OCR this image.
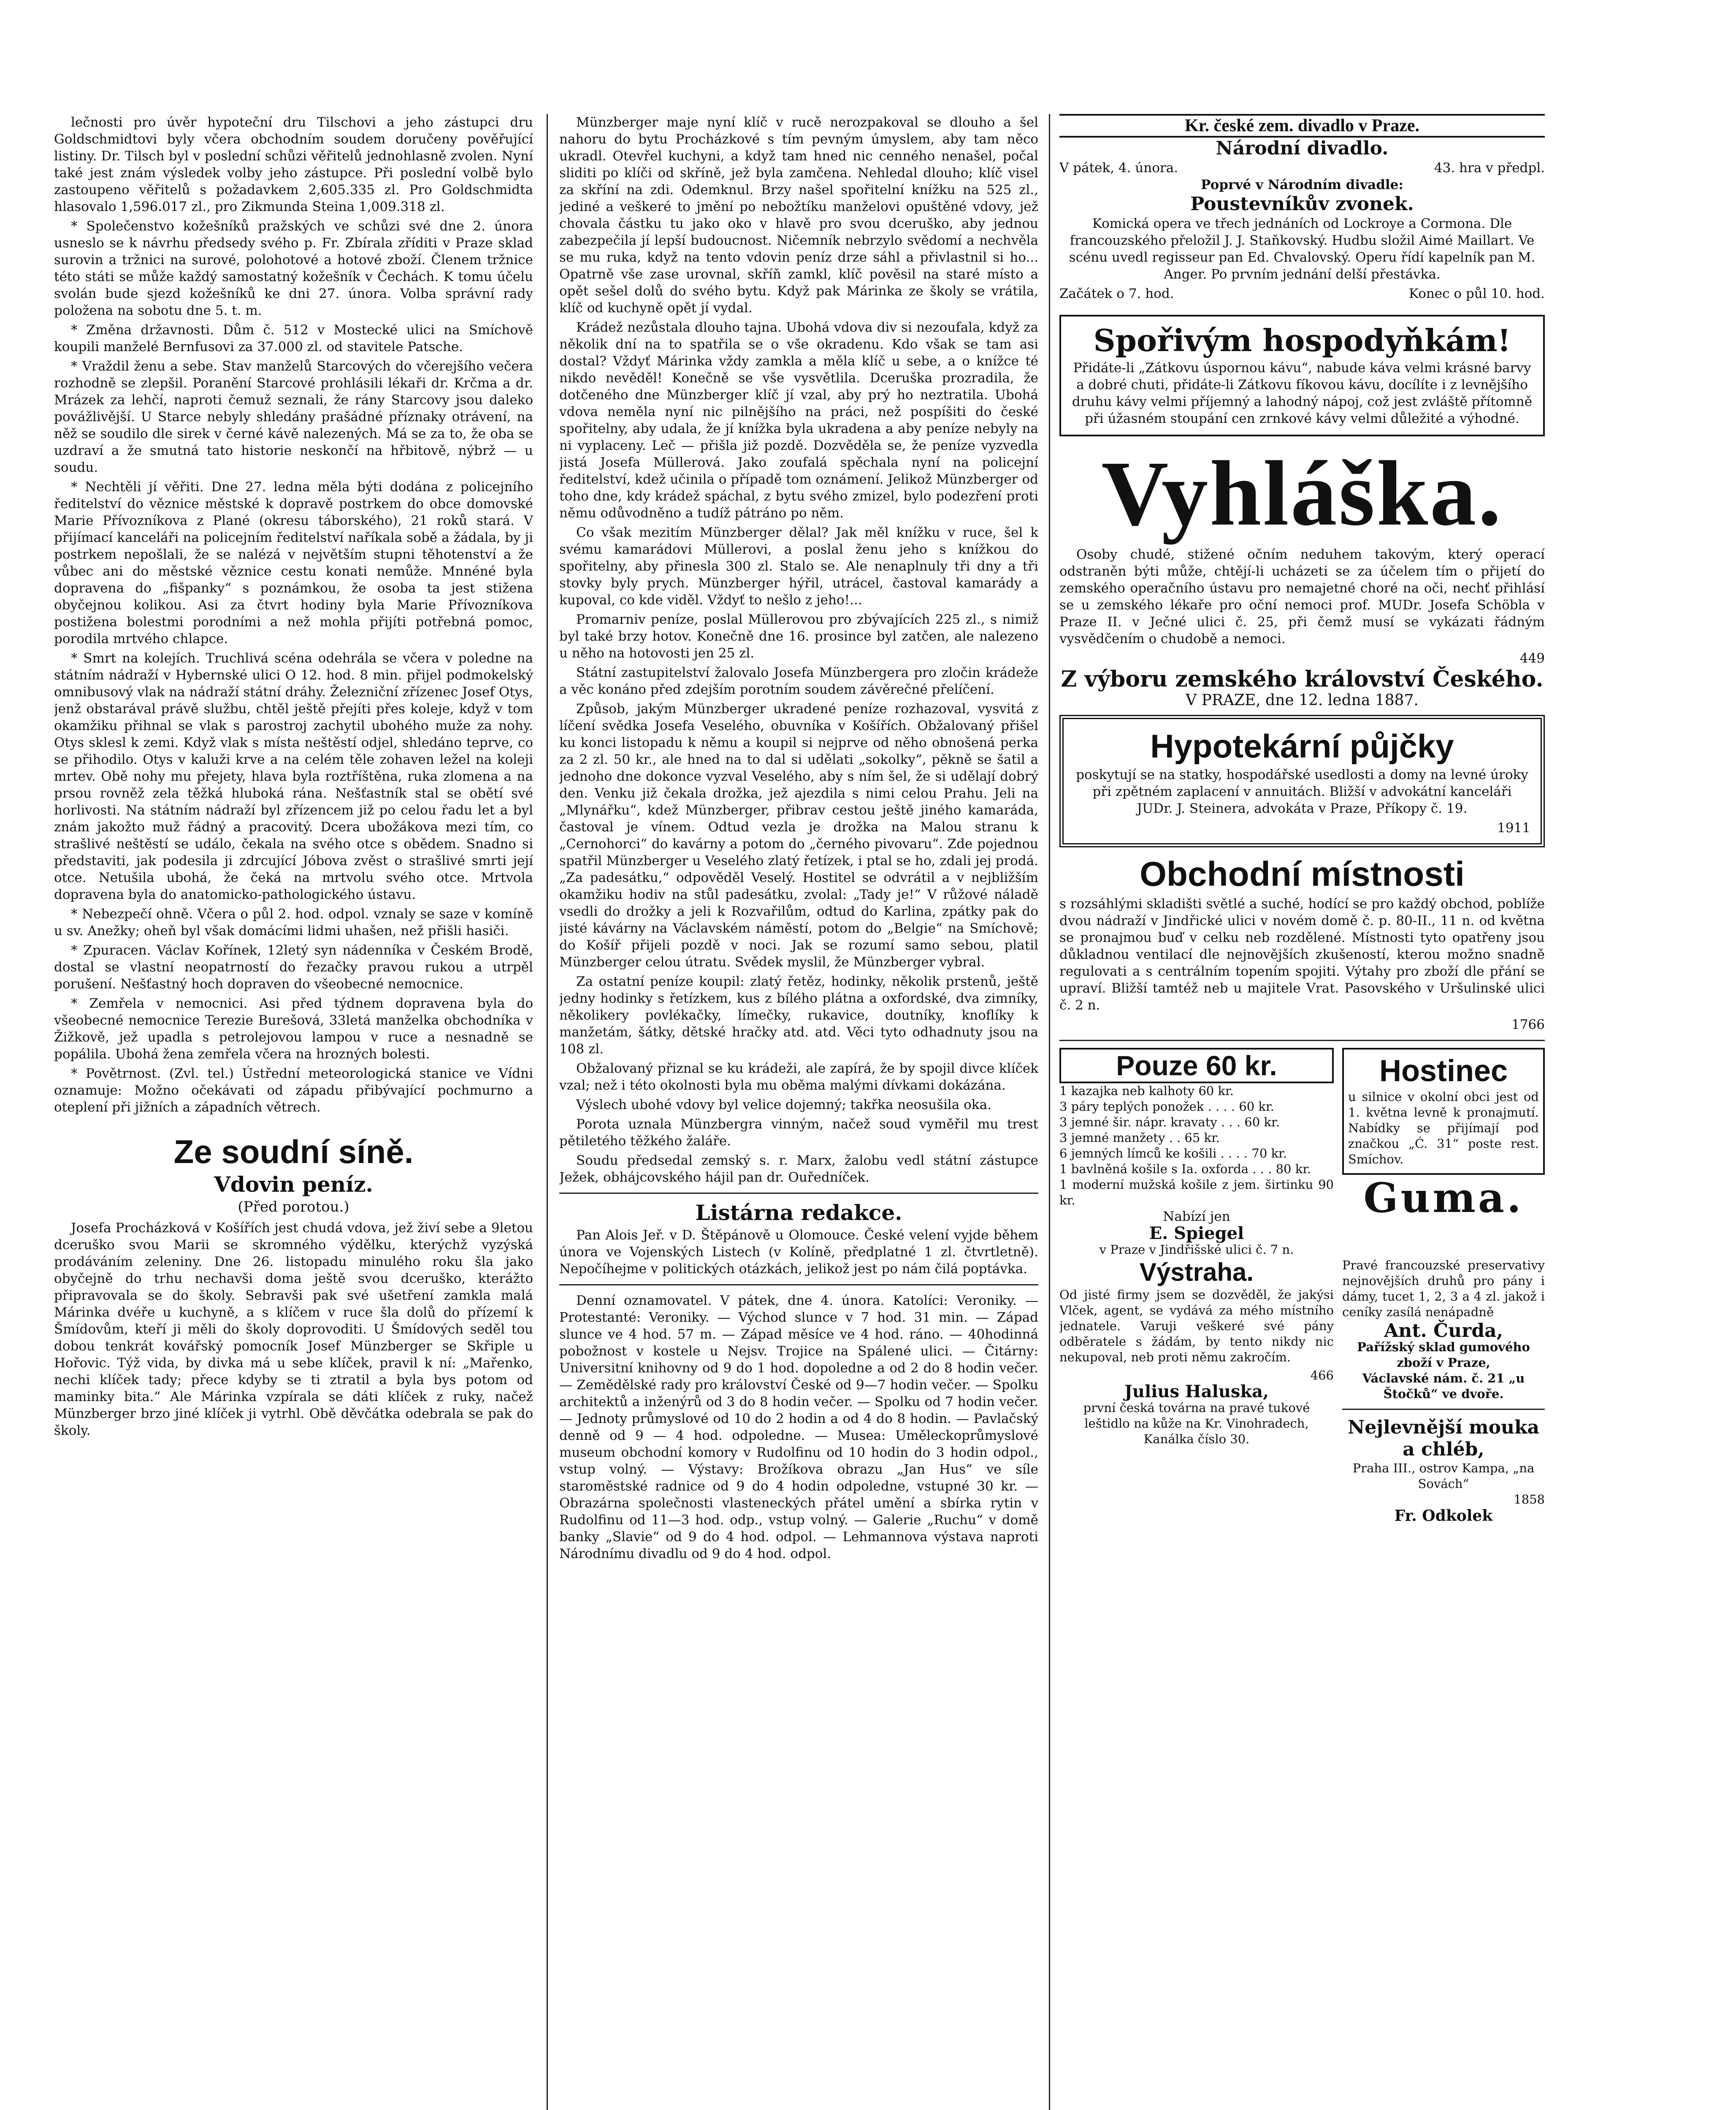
lečnosti pro úvěr hypoteční dru Tilschovi a jeho zástupci dru Goldschmidtovi byly včera obchodním soudem doručeny pověřující listiny. Dr. Tilsch byl v poslední schůzi věřitelů jednohlasně zvolen. Nyní také jest znám výsledek volby jeho zástupce. Při poslední volbě bylo zastoupeno věřitelů s požadavkem 2,605.335 zl. Pro Goldschmidta hlasovalo 1,596.017 zl., pro Zikmunda Steina 1,009.318 zl.

* Společenstvo kožešníků pražských ve schůzi své dne 2. února usneslo se k návrhu předsedy svého p. Fr. Zbírala zříditi v Praze sklad surovin a tržnici na surové, polohotové a hotové zboží. Členem tržnice této státi se může každý samostatný kožešník v Čechách. K tomu účelu svolán bude sjezd kožešníků ke dni 27. února. Volba správní rady položena na sobotu dne 5. t. m.

* Změna državnosti. Dům č. 512 v Mostecké ulici na Smíchově koupili manželé Bernfusovi za 37.000 zl. od stavitele Patsche.

* Vraždil ženu a sebe. Stav manželů Starcových do včerejšího večera rozhodně se zlepšil. Poranění Starcové prohlásili lékaři dr. Krčma a dr. Mrázek za lehčí, naproti čemuž seznali, že rány Starcovy jsou daleko povážlivější. U Starce nebyly shledány prašádné příznaky otrávení, na něž se soudilo dle sirek v černé kávě nalezených. Má se za to, že oba se uzdraví a že smutná tato historie neskončí na hřbitově, nýbrž — u soudu.

* Nechtěli jí věřiti. Dne 27. ledna měla býti dodána z policejního ředitelství do věznice městské k dopravě postrkem do obce domovské Marie Přívozníkova z Plané (okresu táborského), 21 roků stará. V přijímací kanceláři na policejním ředitelství naříkala sobě a žádala, by ji postrkem nepošlali, že se nalézá v největším stupni těhotenství a že vůbec ani do městské věznice cestu konati nemůže. Mnnéné byla dopravena do „fišpanky“ s poznámkou, že osoba ta jest stižena obyčejnou kolikou. Asi za čtvrt hodiny byla Marie Přívozníkova postižena bolestmi porodními a než mohla přijíti potřebná pomoc, porodila mrtvého chlapce.

* Smrt na kolejích. Truchlivá scéna odehrála se včera v poledne na státním nádraží v Hybernské ulici O 12. hod. 8 min. přijel podmokelský omnibusový vlak na nádraží státní dráhy. Železniční zřízenec Josef Otys, jenž obstarával právě službu, chtěl ještě přejíti přes koleje, když v tom okamžiku přihnal se vlak s parostroj zachytil ubohého muže za nohy. Otys sklesl k zemi. Když vlak s místa neštěstí odjel, shledáno teprve, co se přihodilo. Otys v kaluži krve a na celém těle zohaven ležel na koleji mrtev. Obě nohy mu přejety, hlava byla roztříštěna, ruka zlomena a na prsou rovněž zela těžká hluboká rána. Nešťastník stal se obětí své horlivosti. Na státním nádraží byl zřízencem již po celou řadu let a byl znám jakožto muž řádný a pracovitý. Dcera ubožákova mezi tím, co strašlivé neštěstí se událo, čekala na svého otce s obědem. Snadno si představiti, jak podesila ji zdrcující Jóbova zvěst o strašlivé smrti její otce. Netušila ubohá, že čeká na mrtvolu svého otce. Mrtvola dopravena byla do anatomicko-pathologického ústavu.

* Nebezpečí ohně. Včera o půl 2. hod. odpol. vznaly se saze v komíně u sv. Anežky; oheň byl však domácími lidmi uhašen, než přišli hasiči.

* Zpuracen. Václav Kořínek, 12letý syn nádenníka v Českém Brodě, dostal se vlastní neopatrností do řezačky pravou rukou a utrpěl porušení. Nešťastný hoch dopraven do všeobecné nemocnice.

* Zemřela v nemocnici. Asi před týdnem dopravena byla do všeobecné nemocnice Terezie Burešová, 33letá manželka obchodníka v Žižkově, jež upadla s petrolejovou lampou v ruce a nesnadně se popálila. Ubohá žena zemřela včera na hrozných bolesti.

* Povětrnost. (Zvl. tel.) Ústřední meteorologická stanice ve Vídni oznamuje: Možno očekávati od západu přibývající pochmurno a oteplení při jižních a západních větrech.

Ze soudní síně.
Vdovin peníz.
(Před porotou.)

Josefa Procházková v Košířích jest chudá vdova, jež živí sebe a 9letou dceruško svou Marii se skromného výdělku, kterýchž vyzýská prodáváním zeleniny. Dne 26. listopadu minulého roku šla jako obyčejně do trhu nechavši doma ještě svou dceruško, kterážto připravovala se do školy. Sebravši pak své ušetření zamkla malá Márinka dvéře u kuchyně, a s klíčem v ruce šla dolů do přízemí k Šmídovům, kteří ji měli do školy doprovoditi. U Šmídových seděl tou dobou tenkrát kovářský pomocník Josef Münzberger se Skřiple u Hořovic. Týž vida, by divka má u sebe klíček, pravil k ní: „Mařenko, nechi klíček tady; přece kdyby se ti ztratil a byla bys potom od maminky bita.“ Ale Márinka vzpírala se dáti klíček z ruky, načež Münzberger brzo jiné klíček ji vytrhl. Obě děvčátka odebrala se pak do školy.

Münzberger maje nyní klíč v rucě nerozpakoval se dlouho a šel nahoru do bytu Procházkové s tím pevným úmyslem, aby tam něco ukradl. Otevřel kuchyni, a když tam hned nic cenného nenašel, počal sliditi po klíči od skříně, jež byla zamčena. Nehledal dlouho; klíč visel za skříní na zdi. Odemknul. Brzy našel spořitelní knížku na 525 zl., jediné a veškeré to jmění po nebožtíku manželovi opuštěné vdovy, jež chovala částku tu jako oko v hlavě pro svou dceruško, aby jednou zabezpečila jí lepší budoucnost. Ničemník nebrzylo svědomí a nechvěla se mu ruka, když na tento vdovin peníz drze sáhl a přivlastnil si ho... Opatrně vše zase urovnal, skříň zamkl, klíč pověsil na staré místo a opět sešel dolů do svého bytu. Když pak Márinka ze školy se vrátila, klíč od kuchyně opět jí vydal.

Krádež nezůstala dlouho tajna. Ubohá vdova div si nezoufala, když za několik dní na to spatřila se o vše okradenu. Kdo však se tam asi dostal? Vždyť Márinka vždy zamkla a měla klíč u sebe, a o knížce té nikdo nevěděl! Konečně se vše vysvětlila. Dceruška prozradila, že dotčeného dne Münzberger klíč jí vzal, aby prý ho neztratila. Ubohá vdova neměla nyní nic pilnějšího na práci, než pospíšiti do české spořitelny, aby udala, že jí knížka byla ukradena a aby peníze nebyly na ni vyplaceny. Leč — přišla již pozdě. Dozvěděla se, že peníze vyzvedla jistá Josefa Müllerová. Jako zoufalá spěchala nyní na policejní ředitelství, kdež učinila o případě tom oznámení. Jelikož Münzberger od toho dne, kdy krádež spáchal, z bytu svého zmizel, bylo podezření proti němu odůvodněno a tudíž pátráno po něm.

Co však mezitím Münzberger dělal? Jak měl knížku v ruce, šel k svému kamarádovi Müllerovi, a poslal ženu jeho s knížkou do spořitelny, aby přinesla 300 zl. Stalo se. Ale nenaplnuly tři dny a tři stovky byly prych. Münzberger hýřil, utrácel, častoval kamarády a kupoval, co kde viděl. Vždyť to nešlo z jeho!...

Promarniv peníze, poslal Müllerovou pro zbývajících 225 zl., s nimiž byl také brzy hotov. Konečně dne 16. prosince byl zatčen, ale nalezeno u něho na hotovosti jen 25 zl.

Státní zastupitelství žalovalo Josefa Münzbergera pro zločin krádeže a věc konáno před zdejším porotním soudem závěrečné přelíčení.

Způsob, jakým Münzberger ukradené peníze rozhazoval, vysvitá z líčení svědka Josefa Veselého, obuvníka v Košířích. Obžalovaný přišel ku konci listopadu k němu a koupil si nejprve od něho obnošená perka za 2 zl. 50 kr., ale hned na to dal si udělati „sokolky“, pěkně se šatil a jednoho dne dokonce vyzval Veselého, aby s ním šel, že si udělají dobrý den. Venku již čekala drožka, jež ajezdila s nimi celou Prahu. Jeli na „Mlynářku“, kdež Münzberger, přibrav cestou ještě jiného kamaráda, častoval je vínem. Odtud vezla je drožka na Malou stranu k „Cernohorci“ do kavárny a potom do „černého pivovaru“. Zde pojednou spatřil Münzberger u Veselého zlatý řetízek, i ptal se ho, zdali jej prodá. „Za padesátku,“ odpověděl Veselý. Hostitel se odvrátil a v nejbližším okamžiku hodiv na stůl padesátku, zvolal: „Tady je!“ V růžové náladě vsedli do drožky a jeli k Rozvařilům, odtud do Karlina, zpátky pak do jisté kávárny na Václavském náměstí, potom do „Belgie“ na Smíchově; do Košíř přijeli pozdě v noci. Jak se rozumí samo sebou, platil Münzberger celou útratu. Svědek myslil, že Münzberger vybral.

Za ostatní peníze koupil: zlatý řetěz, hodinky, několik prstenů, ještě jedny hodinky s řetízkem, kus z bílého plátna a oxfordské, dva zimníky, několikery povlékačky, límečky, rukavice, doutníky, knoflíky k manžetám, šátky, dětské hračky atd. atd. Věci tyto odhadnuty jsou na 108 zl.

Obžalovaný přiznal se ku krádeži, ale zapírá, že by spojil divce klíček vzal; než i této okolnosti byla mu oběma malými dívkami dokázána.

Výslech ubohé vdovy byl velice dojemný; takřka neosušila oka.

Porota uznala Münzbergra vinným, načež soud vyměřil mu trest pětiletého těžkého žaláře.

Soudu předsedal zemský s. r. Marx, žalobu vedl státní zástupce Ježek, obhájcovského hájil pan dr. Ouředníček.

Listárna redakce.

Pan Alois Jeř. v D. Štěpánově u Olomouce. České velení vyjde během února ve Vojenských Listech (v Kolíně, předplatné 1 zl. čtvrtletně). Nepočíhejme v politických otázkách, jelikož jest po nám čilá poptávka.

Denní oznamovatel. V pátek, dne 4. února. Katolíci: Veroniky. — Protestanté: Veroniky. — Východ slunce v 7 hod. 31 min. — Západ slunce ve 4 hod. 57 m. — Západ měsíce ve 4 hod. ráno. — 40hodinná pobožnost v kostele u Nejsv. Trojice na Spálené ulici. — Čitárny: Universitní knihovny od 9 do 1 hod. dopoledne a od 2 do 8 hodin večer. — Zemědělské rady pro království České od 9—7 hodin večer. — Spolku architektů a inženýrů od 3 do 8 hodin večer. — Spolku od 7 hodin večer. — Jednoty průmyslové od 10 do 2 hodin a od 4 do 8 hodin. — Pavlačský denně od 9 — 4 hod. odpoledne. — Musea: Uměleckoprůmyslové museum obchodní komory v Rudolfinu od 10 hodin do 3 hodin odpol., vstup volný. — Výstavy: Brožíkova obrazu „Jan Hus“ ve síle staroměstské radnice od 9 do 4 hodin odpoledne, vstupné 30 kr. — Obrazárna společnosti vlasteneckých přátel umění a sbírka rytin v Rudolfinu od 11—3 hod. odp., vstup volný. — Galerie „Ruchu“ v domě banky „Slavie“ od 9 do 4 hod. odpol. — Lehmannova výstava naproti Národnímu divadlu od 9 do 4 hod. odpol.

Kr. české zem. divadlo v Praze.
Národní divadlo.
V pátek, 4. února.	43. hra v předpl.
Poprvé v Národním divadle:
Poustevníkův zvonek.

Komická opera ve třech jednáních od Lockroye a Cormona. Dle francouzského přeložil J. J. Staňkovský. Hudbu složil Aimé Maillart. Ve scénu uvedl regisseur pan Ed. Chvalovský. Operu řídí kapelník pan M. Anger. Po prvním jednání delší přestávka.

Začátek o 7. hod.	Konec o půl 10. hod.
Spořivým hospodyňkám!

Přidáte-li „Zátkovu úspornou kávu“, nabude káva velmi krásné barvy a dobré chuti, přidáte-li Zátkovu fíkovou kávu, docílíte i z levnějšího druhu kávy velmi příjemný a lahodný nápoj, což jest zvláště přítomně při úžasném stoupání cen zrnkové kávy velmi důležité a výhodné.

Vyhláška.

Osoby chudé, stižené očním neduhem takovým, který operací odstraněn býti může, chtějí-li ucházeti se za účelem tím o přijetí do zemského operačního ústavu pro nemajetné choré na oči, nechť přihlásí se u zemského lékaře pro oční nemoci prof. MUDr. Josefa Schöbla v Praze II. v Ječné ulici č. 25, při čemž musí se vykázati řádným vysvědčením o chudobě a nemoci.

449
Z výboru zemského království Českého.
V PRAZE, dne 12. ledna 1887.
Hypotekární půjčky

poskytují se na statky, hospodářské usedlosti a domy na levné úroky při zpětném zaplacení v annuitách. Bližší v advokátní kanceláři JUDr. J. Steinera, advokáta v Praze, Příkopy č. 19.

1911
Obchodní místnosti

s rozsáhlými skladišti světlé a suché, hodící se pro každý obchod, poblíže dvou nádraží v Jindřické ulici v novém domě č. p. 80-II., 11 n. od května se pronajmou buď v celku neb rozdělené. Místnosti tyto opatřeny jsou důkladnou ventilací dle nejnovějších zkušeností, kterou možno snadně regulovati a s centrálním topením spojiti. Výtahy pro zboží dle přání se upraví. Bližší tamtéž neb u majitele Vrat. Pasovského v Uršulinské ulici č. 2 n.

1766
Pouze 60 kr.
1 kazajka neb kalhoty 60 kr.
3 páry teplých ponožek . . . . 60 kr.
3 jemné šir. nápr. kravaty . . . 60 kr.
3 jemné manžety . . 65 kr.
6 jemných límců ke košili . . . . 70 kr.
1 bavlněná košile s Ia. oxforda . . . 80 kr.
1 moderní mužská košile z jem. širtinku 90 kr.
Nabízí jen
E. Spiegel
v Praze v Jindřišské ulici č. 7 n.
Hostinec

u silnice v okolní obci jest od 1. května levně k pronajmutí. Nabídky se přijímají pod značkou „Ć. 31“ poste rest. Smíchov.

Guma.
Výstraha.

Od jisté firmy jsem se dozvěděl, že jakýsi Vlček, agent, se vydává za mého místního jednatele. Varuji veškeré své pány odběratele s žádám, by tento nikdy nic nekupoval, neb proti němu zakročím.

466
Julius Haluska,

první česká továrna na pravé tukové leštidlo na kůže na Kr. Vinohradech, Kanálka číslo 30.

Pravé francouzské preservativy nejnovějších druhů pro pány i dámy, tucet 1, 2, 3 a 4 zl. jakož i ceníky zasílá nenápadně

Ant. Čurda,
Pařížský sklad gumového zboží v Praze,
Václavské nám. č. 21 „u Štočků“ ve dvoře.
Nejlevnější mouka a chléb,
Praha III., ostrov Kampa, „na Sovách“
1858
Fr. Odkolek
